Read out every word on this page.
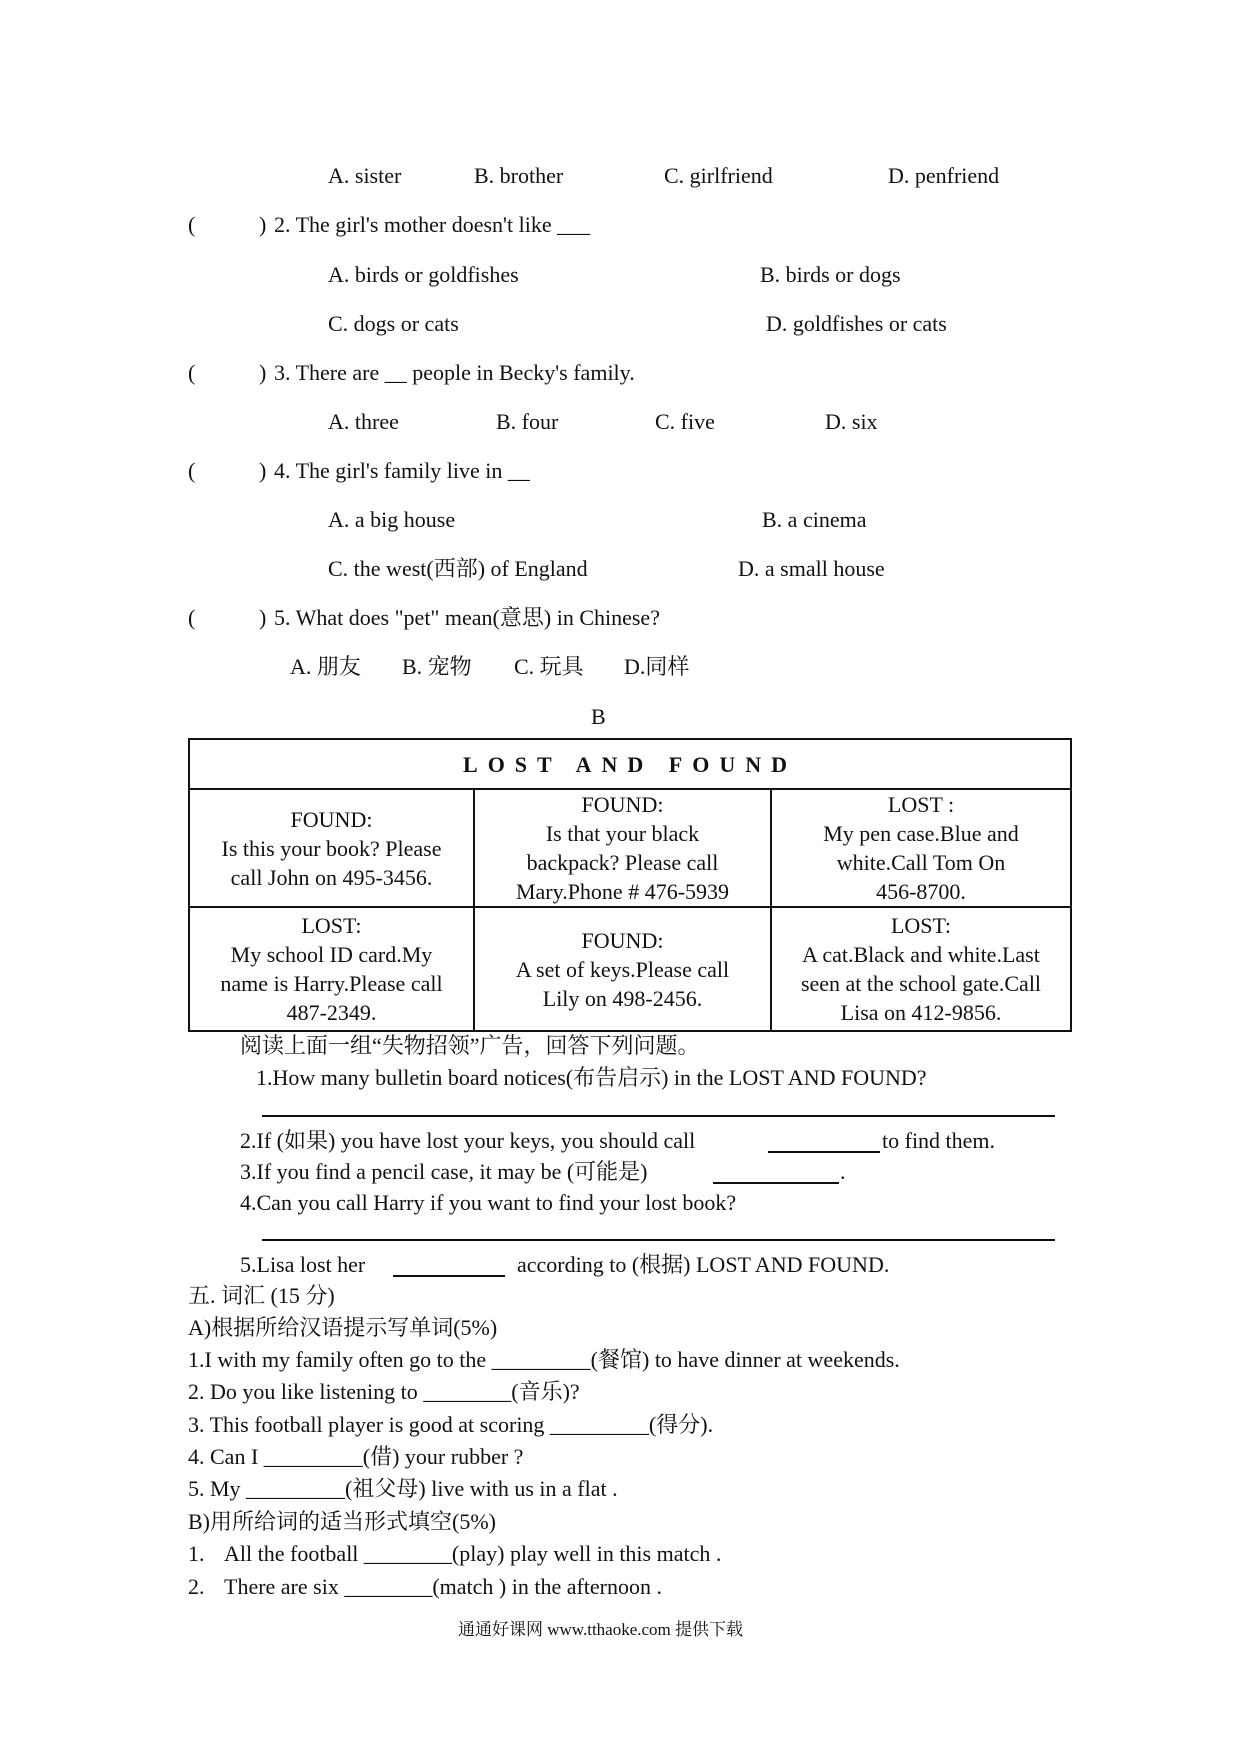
A. sister	B. brother	C. girlfriend	D. penfriend
(	) 2. The girl's mother doesn't like ___
A. birds or goldfishes	B. birds or dogs
C. dogs or cats	D. goldfishes or cats
(	) 3. There are __ people in Becky's family.
A. three	B. four	C. five	D. six
(	) 4. The girl's family live in __
A. a big house	B. a cinema
C. the west(西部) of England	D. a small house
(	) 5. What does "pet" mean(意思) in Chinese?
A. 朋友 B. 宠物 C. 玩具 D.同样
B
LOST AND FOUND		

FOUND:
Is this your book? Please
call John on 495-3456.	FOUND:
Is that your black
backpack? Please call
Mary.Phone # 476-5939	LOST :
My pen case.Blue and
white.Call Tom On
456-8700.

LOST:
My school ID card.My
name is Harry.Please call
487-2349.	FOUND:
A set of keys.Please call
Lily on 498-2456.	LOST:
A cat.Black and white.Last
seen at the school gate.Call
Lisa on 412-9856.
阅读上面一组“失物招领”广告，回答下列问题。
1.How many bulletin board notices(布告启示) in the LOST AND FOUND?
2.If (如果) you have lost your keys, you should call	to find them.
3.If you find a pencil case, it may be (可能是)	.
4.Can you call Harry if you want to find your lost book?
5.Lisa lost her	according to (根据) LOST AND FOUND.
五. 词汇 (15 分)
A)根据所给汉语提示写单词(5%)
1.I with my family often go to the _________(餐馆) to have dinner at weekends.
2. Do you like listening to ________(音乐)?
3. This football player is good at scoring _________(得分).
4. Can I _________(借) your rubber ?
5. My _________(祖父母) live with us in a flat .
B)用所给词的适当形式填空(5%)
1. All the football ________(play) play well in this match .
2. There are six ________(match ) in the afternoon .
通通好课网 www.tthaoke.com 提供下载
